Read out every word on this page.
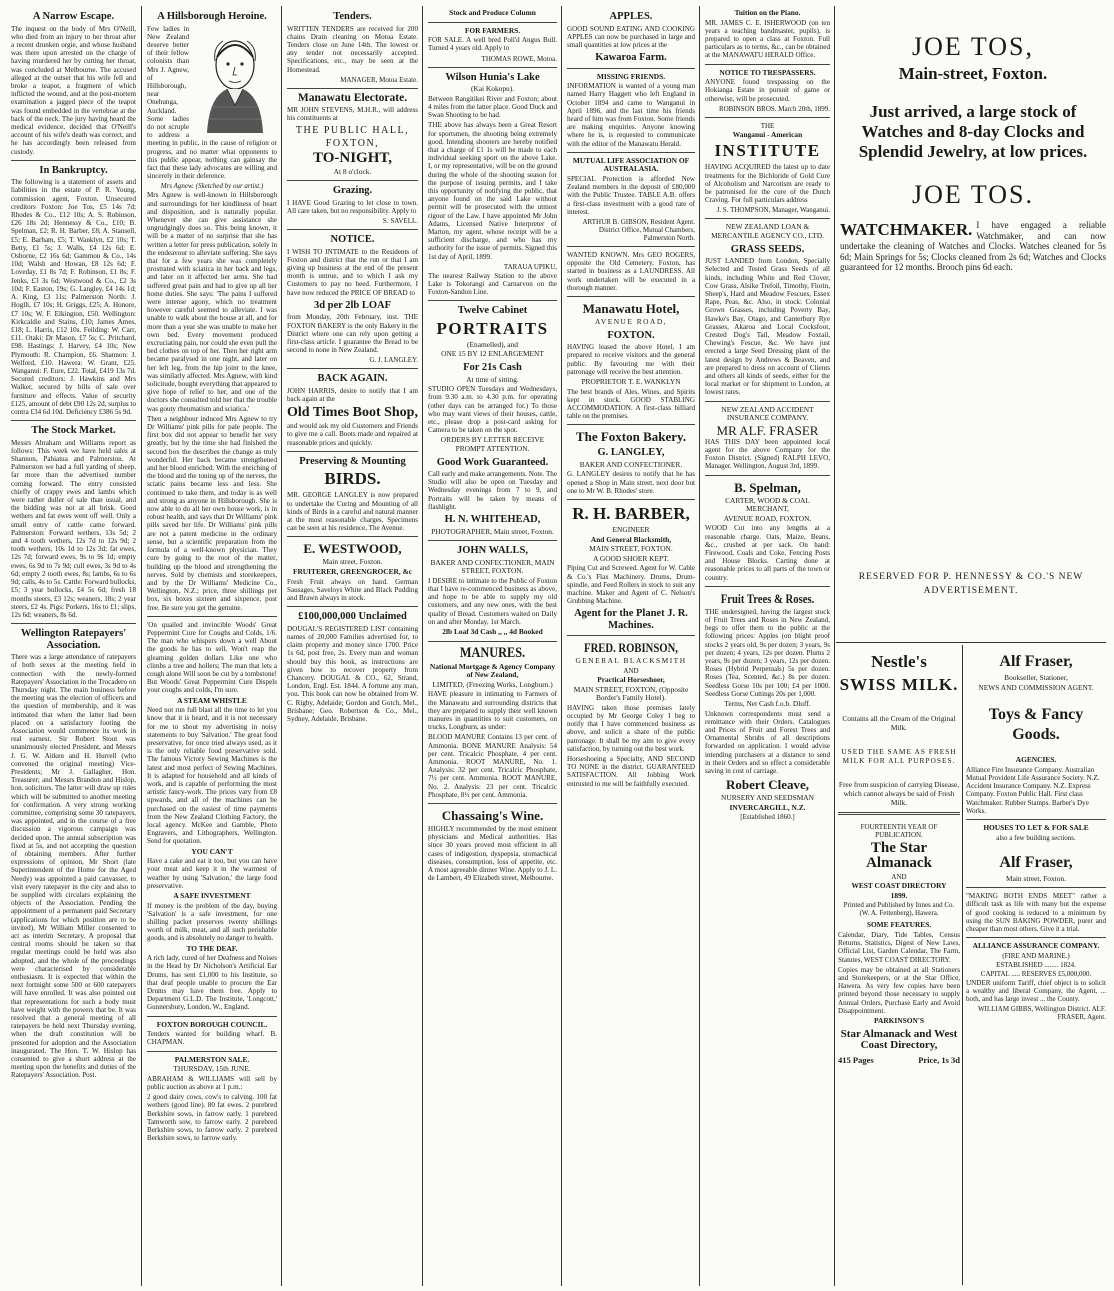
A Narrow Escape.
The inquest on the body of Mrs O'Neill, who died from an injury to her throat after a recent drunken orgie, and whose husband was there upon arrested on the charge of having murdered her by cutting her throat, was concluded at Melbourne. The accused alleged at the outset that his wife fell and broke a teapot, a fragment of which inflicted the wound, and at the post-mortem examination a jagged piece of the teapot was found embedded in the vertebrae at the back of the neck. The jury having heard the medical evidence, decided that O'Neill's account of his wife's death was correct, and he has accordingly been released from custody.
In Bankruptcy.
The following is a statement of assets and liabilities in the estate of P. R. Young, commission agent, Foxton. Unsecured creditors Foxton: Joe Tos, £5 14s 7d; Rhodes & Co., £12 10s; A. S. Robinson, £26 18s 2d; Hennessy & Co., £10; B. Spelman, £2; R. H. Barber, £8; A. Stansell, £5; E. Barham, £5; T. Wanklyn, £2 10s; T. Betty, £1 5s; J. Walls, £4 12s 6d; E. Osborne, £2 16s 6d; Gammon & Co., 14s 10d; Walsh and Howan, £8 12s 6d; F. Loveday, £1 8s 7d; F. Robinson, £1 8s; F. Jenks, £3 3s 6d; Westwood & Co., £2 3s 10d; F. Easton, 19s; G. Langley, £4 14s 1d; A. King, £3 11s; Palmerston North: J. Hoglli, £7 10s; H. Griggs, £25; A. Honore, £7 10s; W. F. Elkington, £50. Wellington: Kirkcaldie and Stains, £10; James Ames, £18; L. Harris, £12 10s. Feilding: W. Carr, £11. Otaki: Dr Mason, £7 5s; C. Pritchard, £98. Hastings: J. Harvey, £4 10s; New Plymouth: R. Champion, £6. Shannon: J. Welford, £10. Hawera: W. Grant, £25. Wanganui: F. Eure, £22. Total, £419 13s 7d. Secured creditors: J. Hawkins and Mrs Walker, secured by bills of sale over furniture and effects. Value of security £125, amount of debt £90 12s 2d, surplus to contra £34 6d 10d. Deficiency £386 5s 9d.
The Stock Market.
Messrs Abraham and Williams report as follows: This week we have held sales at Shannon, Pahiatua and Palmerston. At Palmerston we had a full yarding of sheep, far more than the advertised number coming forward. The entry consisted chiefly of crappy ewes and lambs which were rather duller of sale than usual, and the bidding was not at all brisk. Good wethers and fat ewes went off well. Only a small entry of cattle came forward. Palmerston: Forward wethers, 13s 5d; 2 and 4 tooth wethers, 12s 7d to 12s 9d; 2 tooth wethers, 10s 1d to 12s 3d; fat ewes, 12s 7d; forward ewes, 9s to 9s 1d; empty ewes, 6s 9d to 7s 9d; cull ewes, 3s 9d to 4s 6d; empty 2 tooth ewes, 8s; lambs, 6s to 6s 9d; calls, 4s to 5s. Cattle: Forward bullocks, £5; 3 year bullocks, £4 5s 6d; fresh 18 months steers, £3 12s; weaners, 18s; 2 year steers, £2 4s. Pigs: Porkers, 16s to £1; slips, 12s 6d; weaners, 8s 6d.
Wellington Ratepayers' Association.
There was a large attendance of ratepayers of both sexes at the meeting held in connection with the newly-formed Ratepayers' Association in the Trocadero on Thursday night. The main business before the meeting was the election of officers and the question of membership, and it was intimated that when the latter had been placed on a satisfactory footing the Association would commence its work in real earnest. Sir Robert Stout was unanimously elected President, and Messrs J. G. W. Aitken and H. Hurrell (who convened the original meeting) Vice-Presidents; Mr J. Gallagher, Hon. Treasurer; and Messrs Brandon and Hislop, hon. solicitors. The latter will draw up rules which will be submitted to another meeting for confirmation. A very strong working committee, comprising some 30 ratepayers, was appointed, and in the course of a free discussion a vigorous campaign was decided upon. The annual subscription was fixed at 5s, and not accepting the question of obtaining members. After further expressions of opinion, Mr Short (late Superintendent of the Home for the Aged Needy) was appointed a paid canvasser, to visit every ratepayer in the city and also to be supplied with circulars explaining the objects of the Association. Pending the appointment of a permanent paid Secretary (applications for which position are to be invited), Mr William Miller consented to act as interim Secretary. A proposal that central rooms should be taken so that regular meetings could be held was also adopted, and the whole of the proceedings were characterised by considerable enthusiasm. It is expected that within the next fortnight some 500 or 600 ratepayers will have enrolled. It was also pointed out that representations for such a body must have weight with the powers that be. It was resolved that a general meeting of all ratepayers be held next Thursday evening, when the draft constitution will be presented for adoption and the Association inaugurated. The Hon. T. W. Hislop has consented to give a short address at the meeting upon the benefits and duties of the Ratepayers' Association. Post.
A Hillsborough Heroine.
Few ladies in New Zealand deserve better of their fellow colonists than Mrs J. Agnew, of Hillsborough, near Onehunga, Auckland. Some ladies do not scruple to address a meeting in public, in the cause of religion or progress, and no matter what opponents to this public appear, nothing can gainsay the fact that these lady advocates are willing and sincerely in their deference.
Mrs Agnew. (Sketched by our artist.)
Mrs Agnew is well-known in Hillsborough and surroundings for her kindliness of heart and disposition, and is naturally popular. Whenever she can give assistance she ungrudgingly does so. This being known, it will be a matter of no surprise that she has written a letter for press publication, solely in the endeavour to alleviate suffering. She says that for a few years she was completely prostrated with sciatica in her back and legs, and later on it affected her arms. She had suffered great pain and had to give up all her home duties. She says: 'The pains I suffered were intense agony, which no treatment however careful seemed to alleviate. I was unable to walk about the house at all, and for more than a year she was unable to make her own bed. Every movement produced excruciating pain, nor could she even pull the bed clothes on top of her. Then her right arm became paralysed in one night, and later on her left leg, from the hip joint to the knee, was similarly affected. Mrs Agnew, with kind solicitude, bought everything that appeared to give hope of relief to her, and one of the doctors she consulted told her that the trouble was gouty rheumatism and sciatica.'
Then a neighbour induced Mrs Agnew to try Dr Williams' pink pills for pale people. The first box did not appear to benefit her very greatly, but by the time she had finished the second box the describes the change as truly wonderful. Her back became strengthened and her blood enriched. With the enriching of the blood and the toning up of the nerves, the sciatic pains became less and less. She continued to take them, and today is as well and strong as anyone in Hillsborough. She is now able to do all her own house work, is in robust health, and says that Dr Williams' pink pills saved her life. Dr Williams' pink pills are not a patent medicine in the ordinary sense, but a scientific preparation from the formula of a well-known physician. They cure by going to the root of the matter, building up the blood and strengthening the nerves. Sold by chemists and storekeepers, and by the Dr Williams' Medicine Co., Wellington, N.Z.; price, three shillings per box, six boxes sixteen and sixpence, post free. Be sure you get the genuine.
'On quailed and invincible Woods' Great Peppermint Cure for Coughs and Colds, 1/6. The man who whispers down a well About the goods he has to sell, Won't reap the gleaming golden dollars Like one who climbs a tree and hollers; The man that lets a cough alone Will soon be cut by a tombstone! But Woods' Great Peppermint Cure Dispels your coughs and colds, I'm sure.
A STEAM WHISTLE
Need not run full blast all the time to let you know that it is heard, and it is not necessary for me to shout my advertising in noisy statements to buy 'Salvation.' The great food preservative, for once tried always used, as it is the only reliable food preservative sold. The famous Victory Sewing Machines is the latest and most perfect of Sewing Machines. It is adapted for household and all kinds of work, and is capable of performing the most artistic fancy-work. The prices vary from £8 upwards, and all of the machines can be purchased on the easiest of time payments from the New Zealand Clothing Factory, the local agency. McKee and Gamble, Photo Engravers, and Lithographers, Wellington. Send for quotation.
YOU CAN'T
Have a cake and eat it too, but you can have your meat and keep it in the warmest of weather by using 'Salvation,' the large food preservative.
A SAFE INVESTMENT
If money is the problem of the day, buying 'Salvation' is a safe investment, for one shilling packet preserves twenty shillings worth of milk, meat, and all such perishable goods, and is absolutely no danger to health.
TO THE DEAF.
A rich lady, cured of her Deafness and Noises in the Head by Dr Nicholson's Artificial Ear Drums, has sent £1,000 to his Institute, so that deaf people unable to procure the Ear Drums may have them free. Apply to Department G.L.D. The Institute, 'Longcott,' Gunnersbury, London, W., England.
FOXTON BOROUGH COUNCIL.
Tenders wanted for building wharf. B. CHAPMAN.
PALMERSTON SALE.
THURSDAY, 15th JUNE.
ABRAHAM & WILLIAMS will sell by public auction as above at 1 p.m.:
2 good dairy cows, cow's to calving. 100 fat wethers (good line). 80 fat ewes. 2 purebred Berkshire sows, in farrow early. 1 purebred Tamworth sow, to farrow early. 2 purebred Berkshire sows, to farrow early. 2 purebred Berkshire sows, to farrow early.
Tenders.
WRITTEN TENDERS are received for 200 chains Drain cleaning on Motoa Estate. Tenders close on June 14th. The lowest or any tender not necessarily accepted. Specifications, etc., may be seen at the Homestead.
MANAGER, Motoa Estate.
Manawatu Electorate.
MR JOHN STEVENS, M.H.R., will address his constituents at
THE PUBLIC HALL,
FOXTON,
TO-NIGHT,
At 8 o'clock.
Grazing.
I HAVE Good Grazing to let close to town. All care taken, but no responsibility. Apply to
S. SAVELL.
NOTICE.
I WISH TO INTIMATE to the Residents of Foxton and district that the run or that I am giving up business at the end of the present month is untrue, and to which I ask my Customers to pay no heed. Furthermore, I have now reduced the PRICE OF BREAD to
3d per 2lb LOAF
from Monday, 20th February, inst. THE FOXTON BAKERY is the only Bakery in the District where one can rely upon getting a first-class article. I guarantee the Bread to be second to none in New Zealand.
G. J. LANGLEY.
BACK AGAIN.
JOHN HARRIS, desire to notify that I am back again at the
Old Times Boot Shop,
and would ask my old Customers and Friends to give me a call. Boots made and repaired at reasonable prices and quickly.
Preserving & Mounting
BIRDS.
MR. GEORGE LANGLEY is now prepared to undertake the Curing and Mounting of all kinds of Birds in a careful and natural manner at the most reasonable charges. Specimens can be seen at his residence, The Avenue.
E. WESTWOOD,
Main street, Foxton.
FRUITERER, GREENGROCER, &c
Fresh Fruit always on hand. German Sausages, Saveloys White and Black Pudding and Brawn always in stock.
£100,000,000 Unclaimed
DOUGAL'S REGISTERED LIST containing names of 20,000 Families advertised for, to claim property and money since 1700. Price 1s 6d, post free, 2s. Every man and woman should buy this book, as instructions are given how to recover property from Chancery. DOUGAL & CO., 62, Strand, London, Engl. Est. 1844. A fortune any man, you. This book can now be obtained from W. C. Rigby, Adelaide; Gordon and Gotch, Mel., Brisbane; Geo. Robertson & Co., Mel., Sydney, Adelaide, Brisbane.
Stock and Produce Column
FOR FARMERS.
FOR SALE. A well bred Poll'd Angus Bull. Turned 4 years old. Apply to
THOMAS ROWE, Motoa.
Wilson Hunia's Lake
(Kai Kokopu).
Between Rangitikei River and Foxton; about 4 miles from the latter place. Good Duck and Swan Shooting to be had.
THE above has always been a Great Resort for sportsmen, the shooting being extremely good. Intending shooters are hereby notified that a charge of £1 1s will be made to each individual seeking sport on the above Lake. I, or my representative, will be on the ground during the whole of the shooting season for the purpose of issuing permits, and I take this opportunity of notifying the public, that anyone found on the said Lake without permit will be prosecuted with the utmost rigour of the Law. I have appointed Mr John Adams, Licensed Native Interpreter of Marton, my agent, whose receipt will be a sufficient discharge, and who has my authority for the issue of permits. Signed this 1st day of April, 1899.
TARAUA UPIKU,
The nearest Railway Station to the above Lake is Tokorangi and Carnarvon on the Foxton-Sandon Line.
Twelve Cabinet
PORTRAITS
(Enamelled), and
ONE 15 BY 12 ENLARGEMENT
For 21s Cash
At time of sitting.
STUDIO OPEN Tuesdays and Wednesdays, from 9.30 a.m. to 4.30 p.m. for operating (other days can be arranged for.) To those who may want views of their houses, cattle, etc., please drop a post-card asking for Camera to be taken on the spot.
ORDERS BY LETTER RECEIVE PROMPT ATTENTION.
Good Work Guaranteed.
Call early and make arrangements. Note. The Studio will also be open on Tuesday and Wednesday evenings from 7 to 9, and Portraits will be taken by means of flashlight.
H. N. WHITEHEAD,
PHOTOGRAPHER, Main street, Foxton.
JOHN WALLS,
BAKER AND CONFECTIONER, MAIN STREET, FOXTON.
I DESIRE to intimate to the Public of Foxton that I have re-commenced business as above, and hope to be able to supply my old customers, and any new ones, with the best quality of Bread. Customers waited on Daily on and after Monday, 1st March.
2lb Loaf 3d Cash ,, ,, 4d Booked
MANURES.
National Mortgage & Agency Company of New Zealand,
LIMITED, (Freezing Works, Longburn.)
HAVE pleasure in intimating to Farmers of the Manawatu and surrounding districts that they are prepared to supply their well known manures in quantities to suit customers, on trucks, Longburn, as under:
BLOOD MANURE Contains 13 per cent. of Ammonia. BONE MANURE Analysis: 54 per cent. Tricalcic Phosphate, 4 per cent. Ammonia. ROOT MANURE, No. 1. Analysis: 32 per cent. Tricalcic Phosphate, 7½ per cent. Ammonia. ROOT MANURE, No. 2. Analysis: 23 per cent. Tricalcic Phosphate, 8½ per cent. Ammonia.
Chassaing's Wine.
HIGHLY recommended by the most eminent physicians and Medical authorities. Has since 30 years proved most efficient in all cases of indigestion, dyspepsia, stomachical diseases, consumption, loss of appetite, etc. A most agreeable dinner Wine. Apply to J. L. de Lambert, 49 Elizabeth street, Melbourne.
APPLES.
GOOD SOUND EATING AND COOKING APPLES can now be purchased in large and small quantities at low prices at the
Kawaroa Farm.
MISSING FRIENDS.
INFORMATION is wanted of a young man named Harry Haggett who left England in October 1894 and came to Wanganui in April 1896, and the last time his friends heard of him was from Foxton. Some friends are making enquiries. Anyone knowing where he is, is requested to communicate with the editor of the Manawatu Herald.
MUTUAL LIFE ASSOCIATION OF AUSTRALASIA.
SPECIAL Protection is afforded New Zealand members in the deposit of £80,000 with the Public Trustee. TABLE A.B. offers a first-class investment with a good rate of interest.
ARTHUR B. GIBSON, Resident Agent. District Office, Mutual Chambers, Palmerston North.
WANTED KNOWN. Mrs GEO ROGERS, opposite the Old Cemetery, Foxton, has started in business as a LAUNDRESS. All work undertaken will be executed in a thorough manner.
Manawatu Hotel,
AVENUE ROAD,
FOXTON.
HAVING leased the above Hotel, I am prepared to receive visitors and the general public. By favouring me with their patronage will receive the best attention.
PROPRIETOR T. E. WANKLYN
The best brands of Ales, Wines, and Spirits kept in stock. GOOD STABLING ACCOMMODATION. A first-class billiard table on the premises.
The Foxton Bakery.
G. LANGLEY,
BAKER AND CONFECTIONER.
G. LANGLEY desires to notify that he has opened a Shop in Main street, next door but one to Mr W. B. Rhodes' store.
R. H. BARBER,
ENGINEER
And General Blacksmith,
MAIN STREET, FOXTON.
A GOOD SHOER KEPT.
Piping Cut and Screwed. Agent for W. Cable & Co.'s Flax Machinery. Drums, Drum-spindle, and Feed Rollers in stock to suit any machine. Maker and Agent of C. Nelson's Grubbing Machine.
Agent for the Planet J. R. Machines.
FRED. ROBINSON,
GENERAL BLACKSMITH
AND
Practical Horseshoer,
MAIN STREET, FOXTON, (Opposite Border's Family Hotel).
HAVING taken those premises lately occupied by Mr George Coley I beg to notify that I have commenced business as above, and solicit a share of the public patronage. It shall be my aim to give every satisfaction, by turning out the best work.
Horseshoeing a Specialty, AND SECOND TO NONE in the district. GUARANTEED SATISFACTION. All Jobbing Work entrusted to me will be faithfully executed.
Tuition on the Piano.
MR. JAMES C. E. ISHERWOOD (on ten years a teaching bandmaster, pupils), is prepared to open a class at Foxton. Full particulars as to terms, &c., can be obtained at the MANAWATU HERALD Office.
NOTICE TO TRESPASSERS.
ANYONE found trespassing on the Hokianga Estate in pursuit of game or otherwise, will be prosecuted.
ROBINSON BROS. March 20th, 1899.
THE
Wanganui - American
INSTITUTE
HAVING ACQUIRED the latest up to date treatments for the Bichloride of Gold Cure of Alcoholism and Narcotism are ready to be patronised for the cure of the Dutch Craving. For full particulars address
J. S. THOMPSON, Manager, Wanganui.
NEW ZEALAND LOAN & MERCANTILE AGENCY CO., LTD.
GRASS SEEDS.
JUST LANDED from London, Specially Selected and Tested Grass Seeds of all kinds, including White and Red Clover, Cow Grass, Alsike Trefoil, Timothy, Florin, Sheep's, Hard and Meadow Fescues, Essex Rape, Peas, &c. Also, in stock: Colonial Grown Grasses, including Poverty Bay, Hawke's Bay, Otago, and Canterbury Rye Grasses, Akaroa and Local Cocksfoot, Crested Dog's Tail, Meadow Foxtail, Chewing's Fescue, &c. We have just erected a large Seed Dressing plant of the latest design by Andrews & Beaven, and are prepared to dress on account of Clients and others all kinds of seeds, either for the local market or for shipment to London, at lowest rates.
NEW ZEALAND ACCIDENT INSURANCE COMPANY.
MR ALF. FRASER
HAS THIS DAY been appointed local agent for the above Company for the Foxton District. (Signed) RALPH LEVO, Manager. Wellington, August 3rd, 1899.
B. Spelman,
CARTER, WOOD & COAL MERCHANT,
AVENUE ROAD, FOXTON.
WOOD Cut into any lengths at a reasonable charge. Oats, Maize, Beans, &c., crushed at per sack. On hand: Firewood, Coals and Coke, Fencing Posts and House Blocks. Carting done at reasonable prices to all parts of the town or country.
Fruit Trees & Roses.
THE undersigned, having the largest stock of Fruit Trees and Roses in New Zealand, begs to offer them to the public at the following prices: Apples (on blight proof stocks 2 years old, 9s per dozen; 3 years, 9s per dozen; 4 years, 12s per dozen. Plums 2 years, 9s per dozen; 3 years, 12s per dozen. Roses (Hybrid Perpetuals) 5s per dozen. Roses (Tea, Scented, &c.) 8s per dozen. Seedless Gorse 10s per 100; £4 per 1000. Seedless Gorse Cuttings 20s per 1,000.
Terms, Net Cash f.o.b. Dluff.
Unknown correspondents must send a remittance with their Orders. Catalogues and Prices of Fruit and Forest Trees and Ornamental Shrubs of all descriptions forwarded on application. I would advise intending purchasers at a distance to send in their Orders and so effect a considerable saving in cost of carriage.
Robert Cleave,
NURSERY AND SEEDSMAN
INVERCARGILL, N.Z.
[Established 1860.]
JOE TOS,
Main-street, Foxton.
Just arrived, a large stock of Watches and 8-day Clocks and Splendid Jewelry, at low prices.
JOE TOS.
WATCHMAKER. I have engaged a reliable Watchmaker, and can now undertake the cleaning of Watches and Clocks. Watches cleaned for 5s 6d; Main Springs for 5s; Clocks cleaned from 2s 6d; Watches and Clocks guaranteed for 12 months. Brooch pins 6d each.
RESERVED FOR P. HENNESSY & CO.'S NEW ADVERTISEMENT.
Nestle's
SWISS MILK.
Contains all the Cream of the Original Milk.
USED THE SAME AS FRESH MILK FOR ALL PURPOSES.
Free from suspicion of carrying Disease, which cannot always be said of Fresh Milk.
FOURTEENTH YEAR OF PUBLICATION.
The Star Almanack
AND
WEST COAST DIRECTORY
1899.
Printed and Published by Innes and Co. (W. A. Fettenberg), Hawera.
SOME FEATURES.
Calendar, Diary, Tide Tables, Census Returns, Statistics, Digest of New Laws, Official List, Garden Calendar, The Farm, Statutes, WEST COAST DIRECTORY.
Copies may be obtained at all Stationers and Storekeepers, or at the Star Office, Hawera. As very few copies have been printed beyond those necessary to supply Annual Orders, Purchase Early and Avoid Disappointment.
PARKINSON'S
Star Almanack and West Coast Directory,
415 Pages	Price, 1s 3d
Alf Fraser,
Bookseller, Stationer,
NEWS AND COMMISSION AGENT.
Toys & Fancy Goods.
AGENCIES.
Alliance Fire Insurance Company. Australian Mutual Provident Life Assurance Society. N.Z. Accident Insurance Company. N.Z. Express Company. Foxton Public Hall. First class Watchmaker. Rubber Stamps. Barber's Dye Works.
HOUSES TO LET & FOR SALE
also a few building sections.
Alf Fraser,
Main street, Foxton.
"MAKING BOTH ENDS MEET" rather a difficult task as life with many but the expense of good cooking is reduced to a minimum by using the SUN BAKING POWDER, purer and cheaper than most others. Give it a trial.
ALLIANCE ASSURANCE COMPANY.
(FIRE AND MARINE.)
ESTABLISHED ........ 1824.
CAPITAL ..... RESERVES £5,000,000.
UNDER uniform Tariff, chief object is to solicit a wealthy and liberal Company, the Agent, ... both, and has large invest ... the County.
WILLIAM GIBBS, Wellington District. ALF. FRASER, Agent.
